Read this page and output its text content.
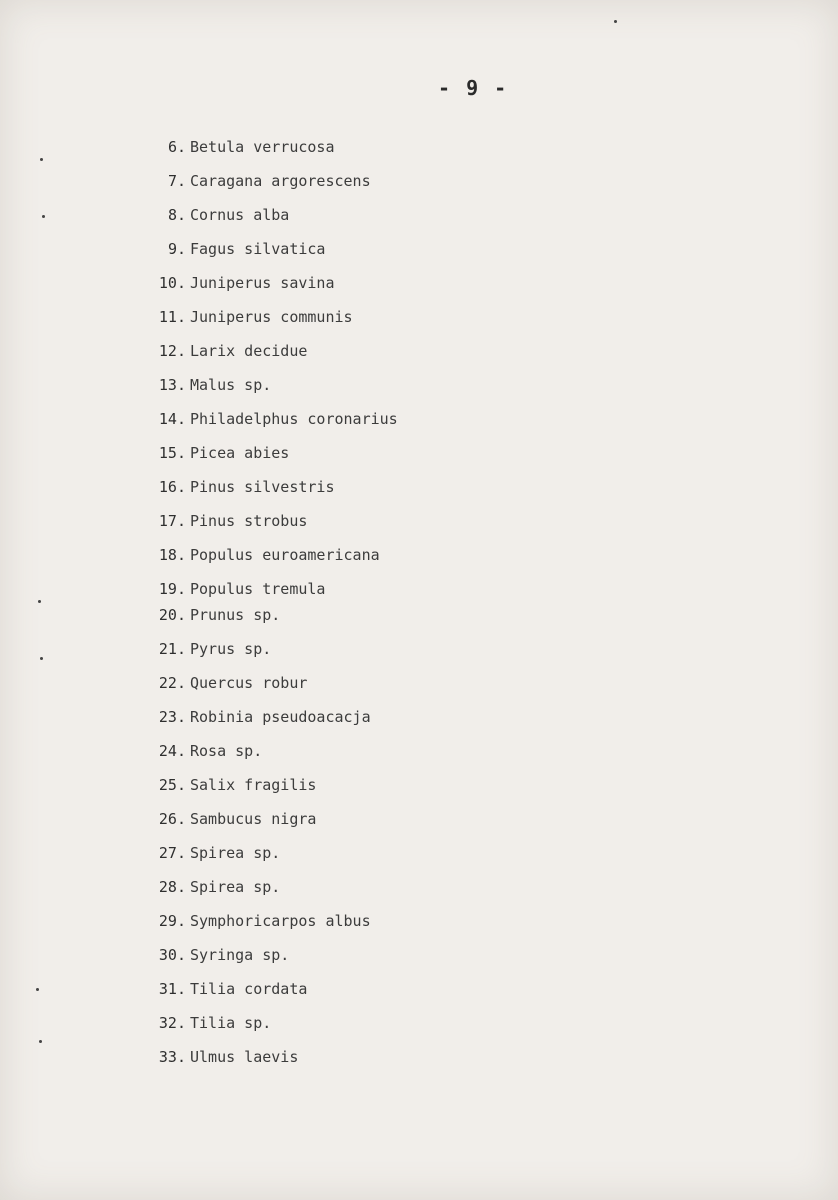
- 9 -
6. Betula verrucosa
7. Caragana argorescens
8. Cornus alba
9. Fagus silvatica
10. Juniperus savina
11. Juniperus communis
12. Larix decidue
13. Malus sp.
14. Philadelphus coronarius
15. Picea abies
16. Pinus silvestris
17. Pinus strobus
18. Populus euroamericana
19. Populus tremula
20. Prunus sp.
21. Pyrus sp.
22. Quercus robur
23. Robinia pseudoacacja
24. Rosa sp.
25. Salix fragilis
26. Sambucus nigra
27. Spirea sp.
28. Spirea sp.
29. Symphoricarpos albus
30. Syringa sp.
31. Tilia cordata
32. Tilia sp.
33. Ulmus laevis
